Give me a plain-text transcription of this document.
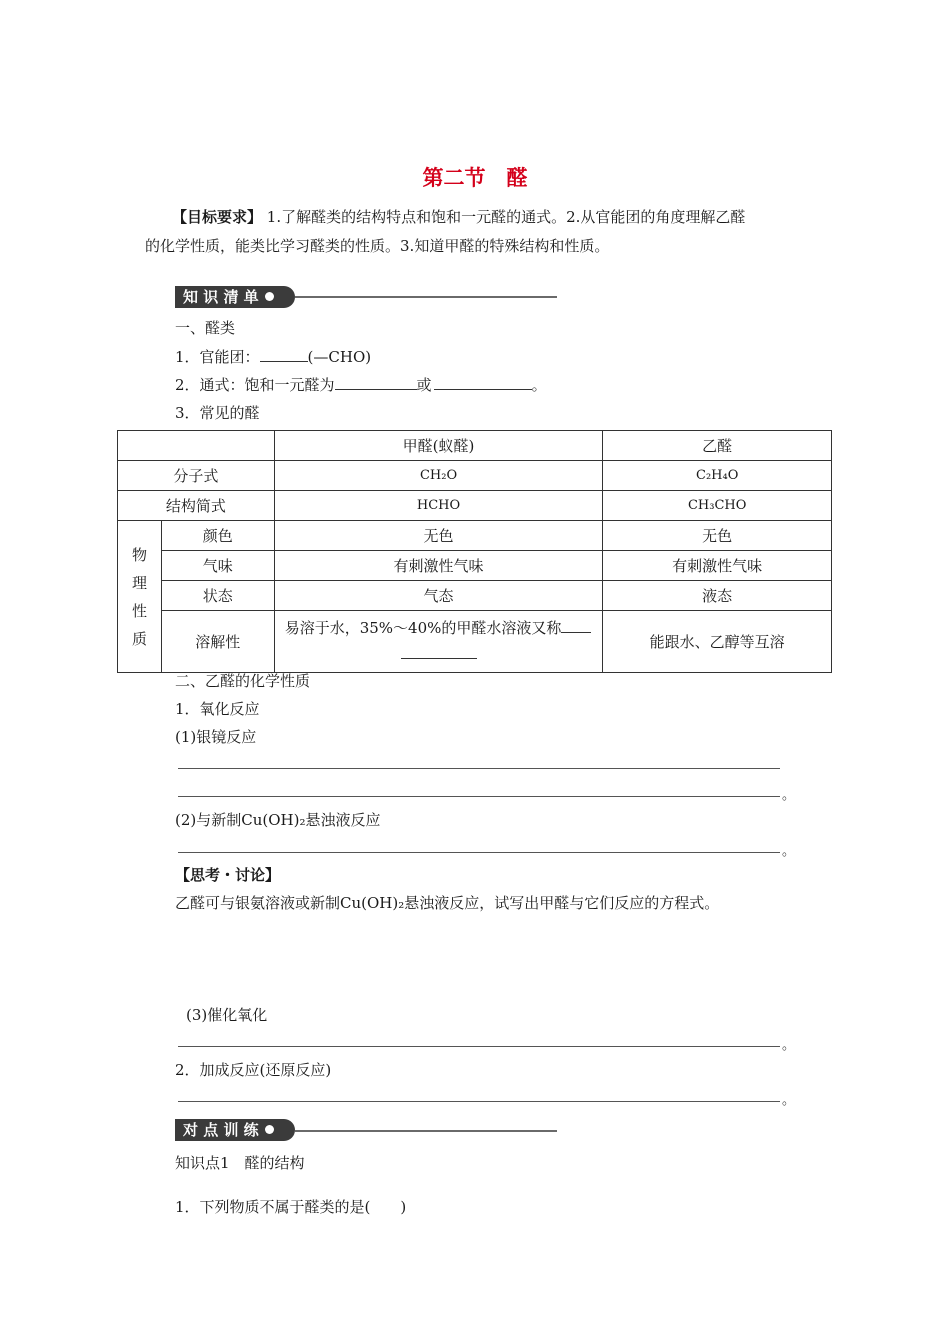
第二节　醛
【目标要求】 1.了解醛类的结构特点和饱和一元醛的通式。2.从官能团的角度理解乙醛
的化学性质，能类比学习醛类的性质。3.知道甲醛的特殊结构和性质。
知 识 清 单
一、醛类
1．官能团：	(—CHO)
2．通式：饱和一元醛为	或	。
3．常见的醛
		甲醛(蚁醛)	乙醛
分子式		CH₂O	C₂H₄O
结构简式		HCHO	CH₃CHO
物
理
性
质	颜色	无色	无色
	气味	有刺激性气味	有刺激性气味
	状态	气态	液态
	溶解性	易溶于水，35%～40%的甲醛水溶液又称	能跟水、乙醇等互溶
二、乙醛的化学性质
1．氧化反应
(1)银镜反应
。
(2)与新制Cu(OH)₂悬浊液反应
。
【思考・讨论】
乙醛可与银氨溶液或新制Cu(OH)₂悬浊液反应，试写出甲醛与它们反应的方程式。
(3)催化氧化
。
2．加成反应(还原反应)
。
对 点 训 练
知识点1　醛的结构
1．下列物质不属于醛类的是(　　)
